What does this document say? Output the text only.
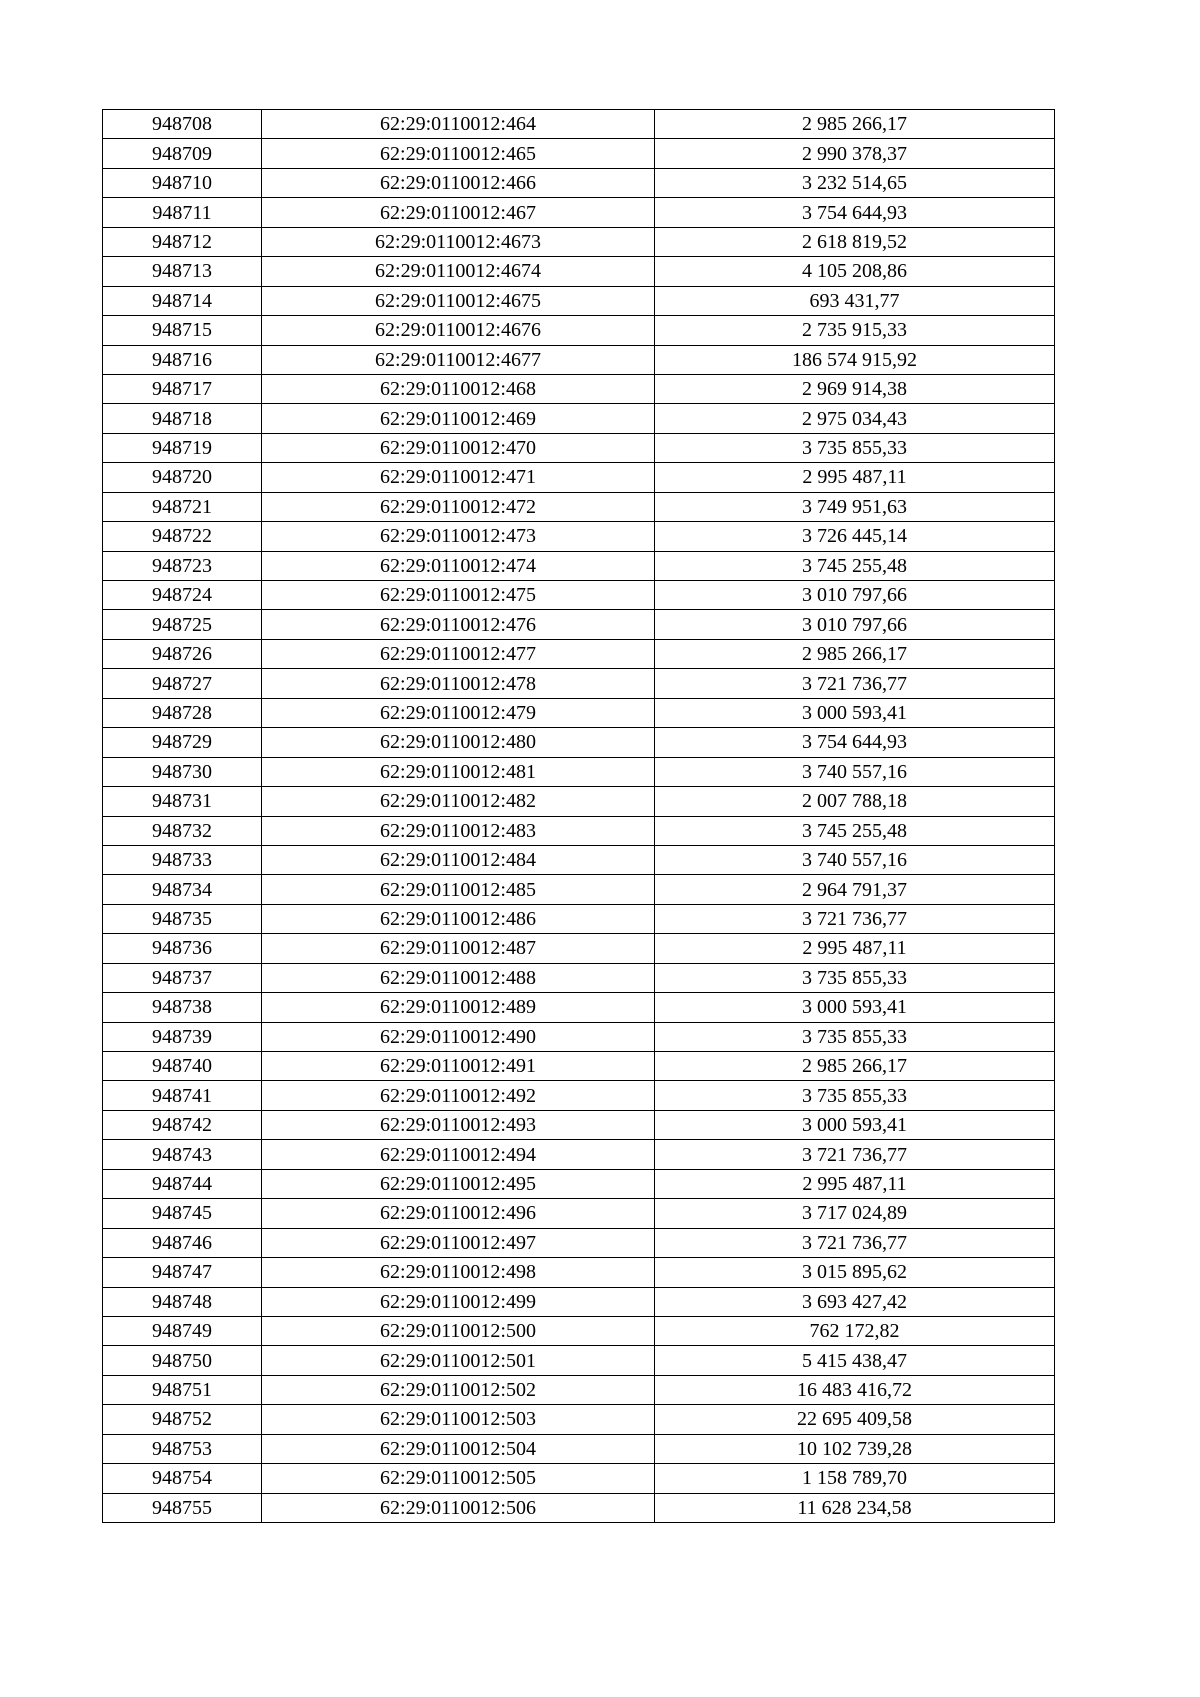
948708	62:29:0110012:464	2 985 266,17
948709	62:29:0110012:465	2 990 378,37
948710	62:29:0110012:466	3 232 514,65
948711	62:29:0110012:467	3 754 644,93
948712	62:29:0110012:4673	2 618 819,52
948713	62:29:0110012:4674	4 105 208,86
948714	62:29:0110012:4675	693 431,77
948715	62:29:0110012:4676	2 735 915,33
948716	62:29:0110012:4677	186 574 915,92
948717	62:29:0110012:468	2 969 914,38
948718	62:29:0110012:469	2 975 034,43
948719	62:29:0110012:470	3 735 855,33
948720	62:29:0110012:471	2 995 487,11
948721	62:29:0110012:472	3 749 951,63
948722	62:29:0110012:473	3 726 445,14
948723	62:29:0110012:474	3 745 255,48
948724	62:29:0110012:475	3 010 797,66
948725	62:29:0110012:476	3 010 797,66
948726	62:29:0110012:477	2 985 266,17
948727	62:29:0110012:478	3 721 736,77
948728	62:29:0110012:479	3 000 593,41
948729	62:29:0110012:480	3 754 644,93
948730	62:29:0110012:481	3 740 557,16
948731	62:29:0110012:482	2 007 788,18
948732	62:29:0110012:483	3 745 255,48
948733	62:29:0110012:484	3 740 557,16
948734	62:29:0110012:485	2 964 791,37
948735	62:29:0110012:486	3 721 736,77
948736	62:29:0110012:487	2 995 487,11
948737	62:29:0110012:488	3 735 855,33
948738	62:29:0110012:489	3 000 593,41
948739	62:29:0110012:490	3 735 855,33
948740	62:29:0110012:491	2 985 266,17
948741	62:29:0110012:492	3 735 855,33
948742	62:29:0110012:493	3 000 593,41
948743	62:29:0110012:494	3 721 736,77
948744	62:29:0110012:495	2 995 487,11
948745	62:29:0110012:496	3 717 024,89
948746	62:29:0110012:497	3 721 736,77
948747	62:29:0110012:498	3 015 895,62
948748	62:29:0110012:499	3 693 427,42
948749	62:29:0110012:500	762 172,82
948750	62:29:0110012:501	5 415 438,47
948751	62:29:0110012:502	16 483 416,72
948752	62:29:0110012:503	22 695 409,58
948753	62:29:0110012:504	10 102 739,28
948754	62:29:0110012:505	1 158 789,70
948755	62:29:0110012:506	11 628 234,58
